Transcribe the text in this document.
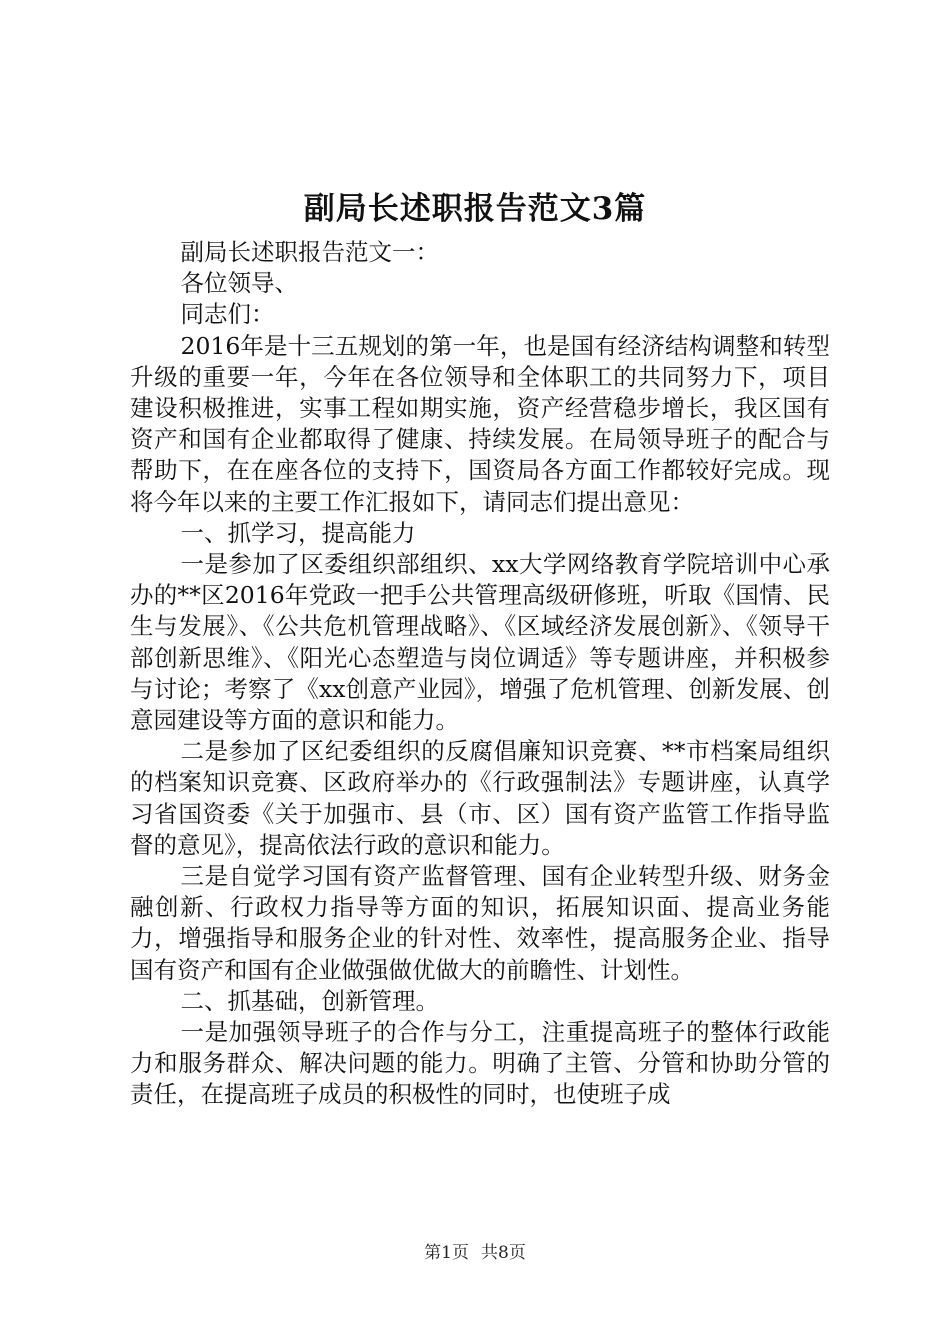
副局长述职报告范文3篇

副局长述职报告范文一：

各位领导、

同志们：

2016年是十三五规划的第一年，也是国有经济结构调整和转型升级的重要一年，今年在各位领导和全体职工的共同努力下，项目建设积极推进，实事工程如期实施，资产经营稳步增长，我区国有资产和国有企业都取得了健康、持续发展。在局领导班子的配合与帮助下，在在座各位的支持下，国资局各方面工作都较好完成。现将今年以来的主要工作汇报如下，请同志们提出意见：

一、抓学习，提高能力

一是参加了区委组织部组织、xx大学网络教育学院培训中心承办的**区2016年党政一把手公共管理高级研修班，听取《国情、民生与发展》、《公共危机管理战略》、《区域经济发展创新》、《领导干部创新思维》、《阳光心态塑造与岗位调适》等专题讲座，并积极参与讨论；考察了《xx创意产业园》，增强了危机管理、创新发展、创意园建设等方面的意识和能力。

二是参加了区纪委组织的反腐倡廉知识竞赛、**市档案局组织的档案知识竞赛、区政府举办的《行政强制法》专题讲座，认真学习省国资委《关于加强市、县（市、区）国有资产监管工作指导监督的意见》，提高依法行政的意识和能力。

三是自觉学习国有资产监督管理、国有企业转型升级、财务金融创新、行政权力指导等方面的知识，拓展知识面、提高业务能力，增强指导和服务企业的针对性、效率性，提高服务企业、指导国有资产和国有企业做强做优做大的前瞻性、计划性。

二、抓基础，创新管理。

一是加强领导班子的合作与分工，注重提高班子的整体行政能力和服务群众、解决问题的能力。明确了主管、分管和协助分管的责任，在提高班子成员的积极性的同时，也使班子成

第1页 共8页
